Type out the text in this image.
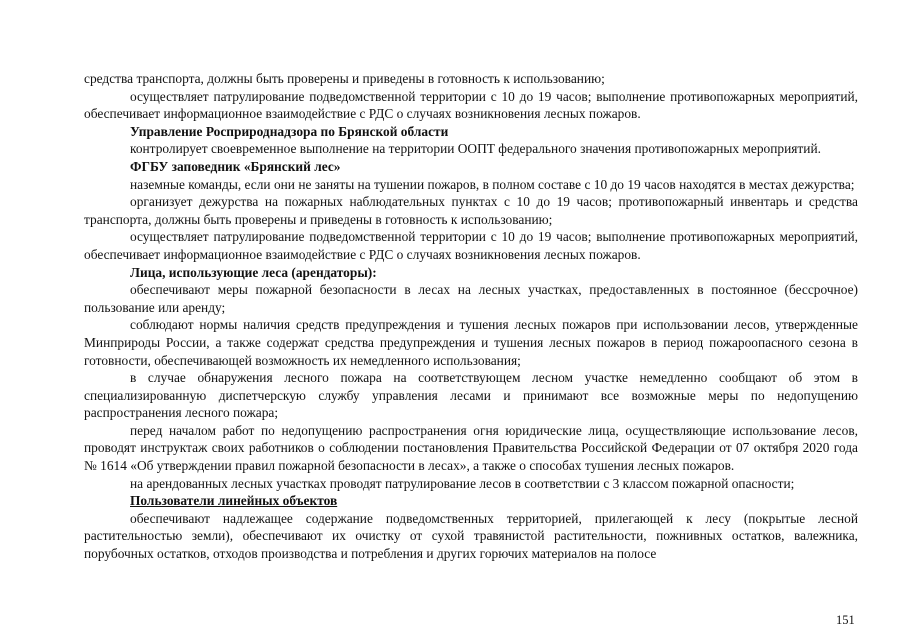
средства транспорта, должны быть проверены и приведены в готовность к использованию;

осуществляет патрулирование подведомственной территории с 10 до 19 часов; выполнение противопожарных мероприятий, обеспечивает информационное взаимодействие с РДС о случаях возникновения лесных пожаров.

Управление Росприроднадзора по Брянской области

контролирует своевременное выполнение на территории ООПТ федерального значения противопожарных мероприятий.

ФГБУ заповедник «Брянский лес»

наземные команды, если они не заняты на тушении пожаров, в полном составе с 10 до 19 часов находятся в местах дежурства;

организует дежурства на пожарных наблюдательных пунктах с 10 до 19 часов; противопожарный инвентарь и средства транспорта, должны быть проверены и приведены в готовность к использованию;

осуществляет патрулирование подведомственной территории с 10 до 19 часов; выполнение противопожарных мероприятий, обеспечивает информационное взаимодействие с РДС о случаях возникновения лесных пожаров.

Лица, использующие леса (арендаторы):

обеспечивают меры пожарной безопасности в лесах на лесных участках, предоставленных в постоянное (бессрочное) пользование или аренду;

соблюдают нормы наличия средств предупреждения и тушения лесных пожаров при использовании лесов, утвержденные Минприроды России, а также содержат средства предупреждения и тушения лесных пожаров в период пожароопасного сезона в готовности, обеспечивающей возможность их немедленного использования;

в случае обнаружения лесного пожара на соответствующем лесном участке немедленно сообщают об этом в специализированную диспетчерскую службу управления лесами и принимают все возможные меры по недопущению распространения лесного пожара;

перед началом работ по недопущению распространения огня юридические лица, осуществляющие использование лесов, проводят инструктаж своих работников о соблюдении постановления Правительства Российской Федерации от 07 октября 2020 года № 1614 «Об утверждении правил пожарной безопасности в лесах», а также о способах тушения лесных пожаров.

на арендованных лесных участках проводят патрулирование лесов в соответствии с 3 классом пожарной опасности;

Пользователи линейных объектов

обеспечивают надлежащее содержание подведомственных территорией, прилегающей к лесу (покрытые лесной растительностью земли), обеспечивают их очистку от сухой травянистой растительности, пожнивных остатков, валежника, порубочных остатков, отходов производства и потребления и других горючих материалов на полосе

151
